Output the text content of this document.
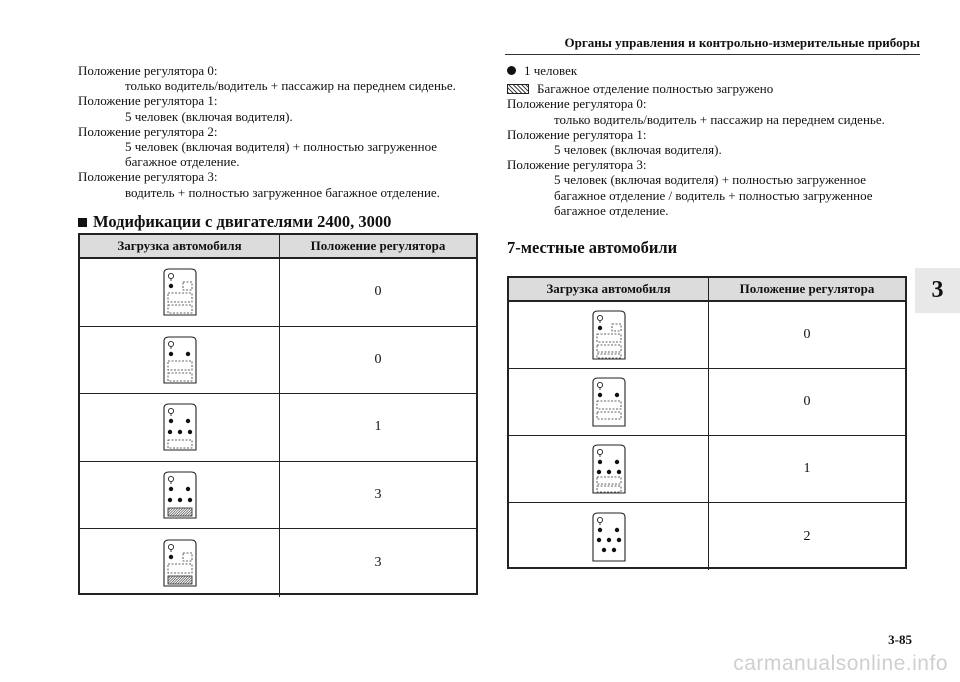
Органы управления и контрольно-измерительные приборы
3
Положение регулятора 0:
только водитель/водитель + пассажир на переднем сиденье.
Положение регулятора 1:
5 человек (включая водителя).
Положение регулятора 2:
5 человек (включая водителя) + полностью загруженное
багажное отделение.
Положение регулятора 3:
водитель + полностью загруженное багажное отделение.
Модификации с двигателями 2400, 3000
Загрузка автомобиля	Положение регулятора
0
0
1
3
3
1 человек
Багажное отделение полностью загружено
Положение регулятора 0:
только водитель/водитель + пассажир на переднем сиденье.
Положение регулятора 1:
5 человек (включая водителя).
Положение регулятора 3:
5 человек (включая водителя) + полностью загруженное
багажное отделение / водитель + полностью загруженное
багажное отделение.
7-местные автомобили
Загрузка автомобиля	Положение регулятора
0
0
1
2
3-85
carmanualsonline.info
